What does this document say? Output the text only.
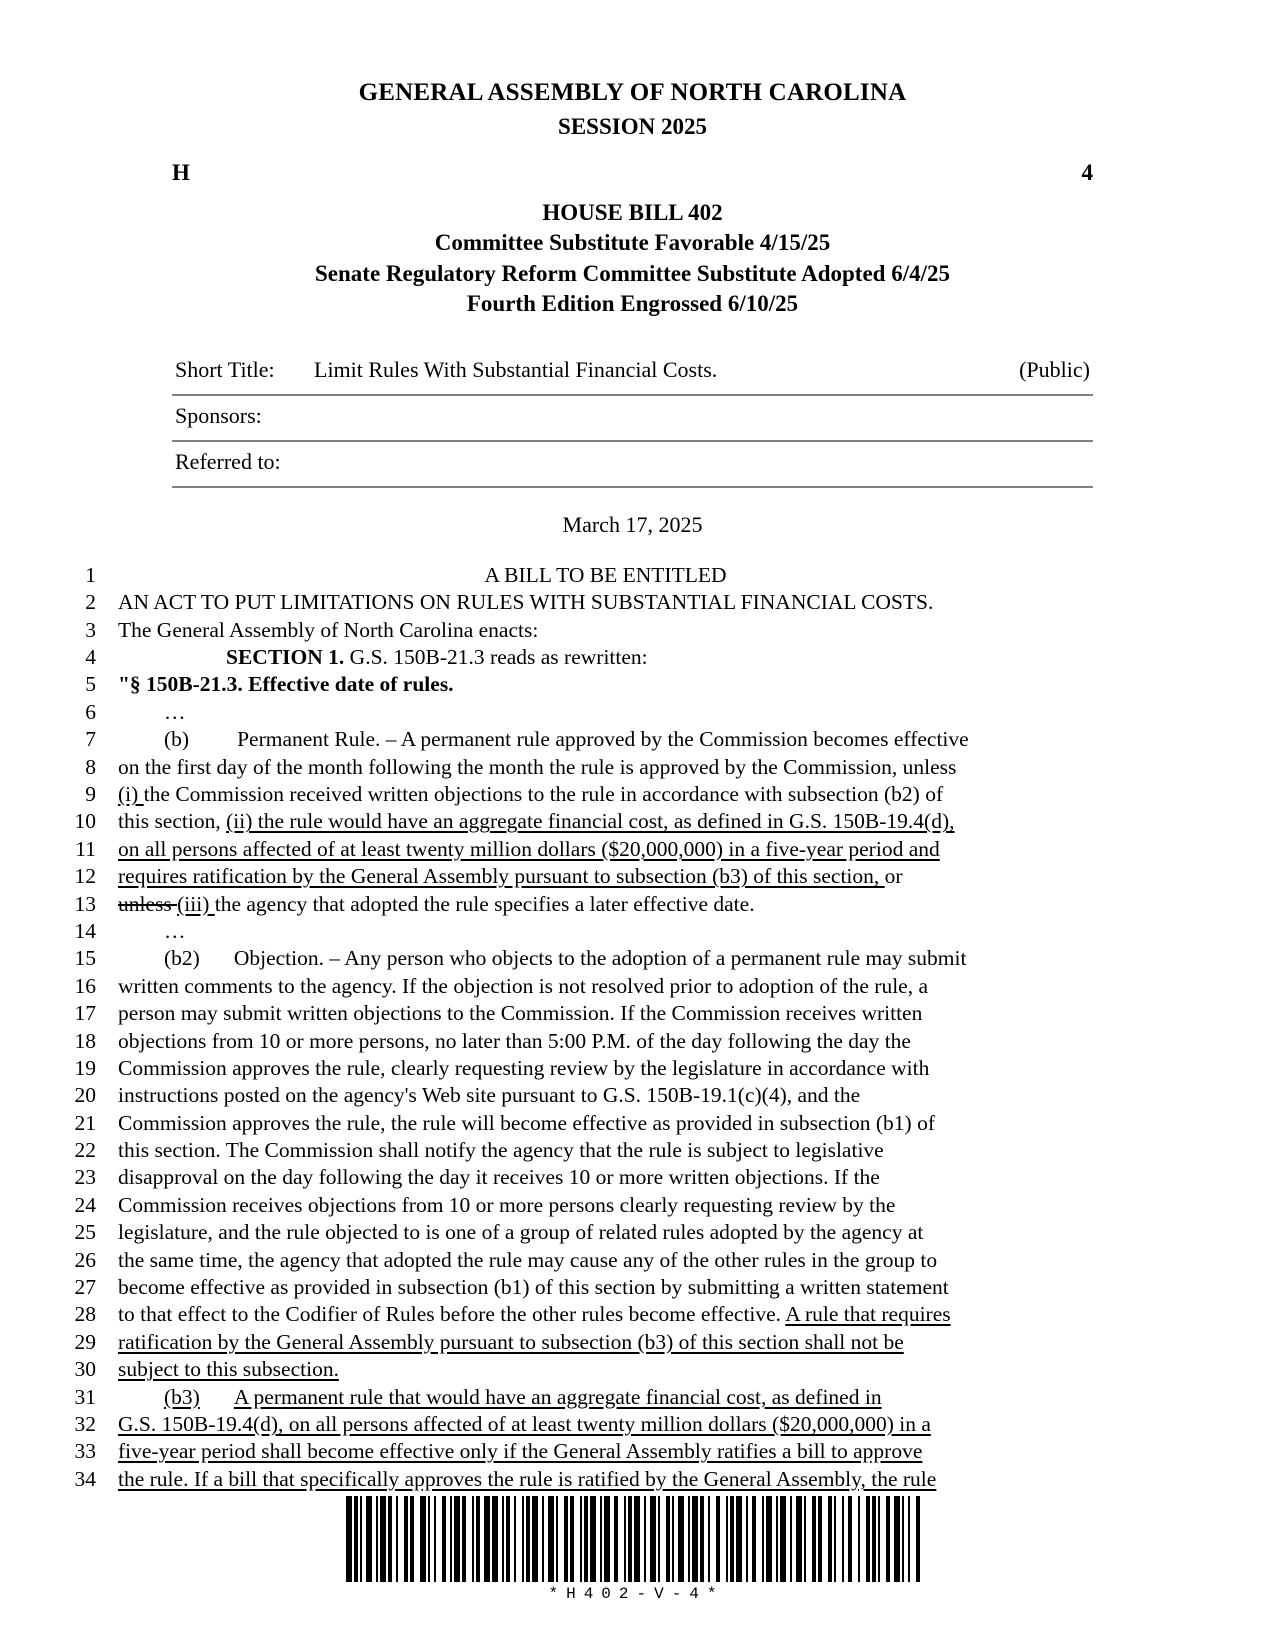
GENERAL ASSEMBLY OF NORTH CAROLINA
SESSION 2025
H	4
HOUSE BILL 402
Committee Substitute Favorable 4/15/25
Senate Regulatory Reform Committee Substitute Adopted 6/4/25
Fourth Edition Engrossed 6/10/25
Short Title: Limit Rules With Substantial Financial Costs.	(Public)
Sponsors:
Referred to:
March 17, 2025
1	A BILL TO BE ENTITLED
2 AN ACT TO PUT LIMITATIONS ON RULES WITH SUBSTANTIAL FINANCIAL COSTS.
3 The General Assembly of North Carolina enacts:
4	SECTION 1. G.S. 150B-21.3 reads as rewritten:
5 "§ 150B-21.3. Effective date of rules.
6	…
7	(b) Permanent Rule. – A permanent rule approved by the Commission becomes effective
8 on the first day of the month following the month the rule is approved by the Commission, unless
9 (i) the Commission received written objections to the rule in accordance with subsection (b2) of
10 this section, (ii) the rule would have an aggregate financial cost, as defined in G.S. 150B-19.4(d),
11 on all persons affected of at least twenty million dollars ($20,000,000) in a five-year period and
12 requires ratification by the General Assembly pursuant to subsection (b3) of this section, or
13 unless (iii) the agency that adopted the rule specifies a later effective date.
14	…
15	(b2) Objection. – Any person who objects to the adoption of a permanent rule may submit
16 written comments to the agency. If the objection is not resolved prior to adoption of the rule, a
17 person may submit written objections to the Commission. If the Commission receives written
18 objections from 10 or more persons, no later than 5:00 P.M. of the day following the day the
19 Commission approves the rule, clearly requesting review by the legislature in accordance with
20 instructions posted on the agency's Web site pursuant to G.S. 150B-19.1(c)(4), and the
21 Commission approves the rule, the rule will become effective as provided in subsection (b1) of
22 this section. The Commission shall notify the agency that the rule is subject to legislative
23 disapproval on the day following the day it receives 10 or more written objections. If the
24 Commission receives objections from 10 or more persons clearly requesting review by the
25 legislature, and the rule objected to is one of a group of related rules adopted by the agency at
26 the same time, the agency that adopted the rule may cause any of the other rules in the group to
27 become effective as provided in subsection (b1) of this section by submitting a written statement
28 to that effect to the Codifier of Rules before the other rules become effective. A rule that requires
29 ratification by the General Assembly pursuant to subsection (b3) of this section shall not be
30 subject to this subsection.
31	(b3) A permanent rule that would have an aggregate financial cost, as defined in
32 G.S. 150B-19.4(d), on all persons affected of at least twenty million dollars ($20,000,000) in a
33 five-year period shall become effective only if the General Assembly ratifies a bill to approve
34 the rule. If a bill that specifically approves the rule is ratified by the General Assembly, the rule
*H402-V-4*
